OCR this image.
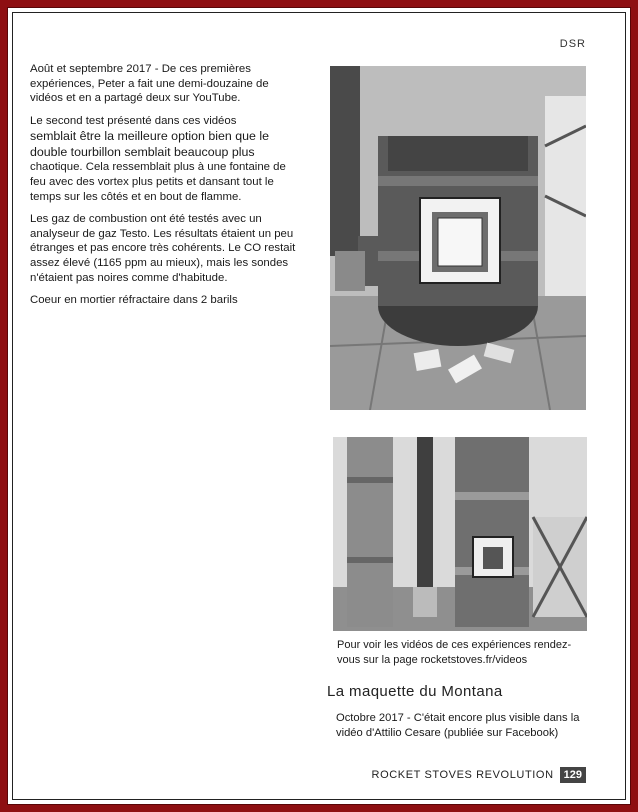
DSR

Août et septembre 2017 - De ces premières expériences, Peter a fait une demi-douzaine de vidéos et en a partagé deux sur YouTube.

Le second test présenté dans ces vidéos

semblait être la meilleure option bien que le double tourbillon semblait beaucoup plus

chaotique. Cela ressemblait plus à une fontaine de feu avec des vortex plus petits et dansant tout le temps sur les côtés et en bout de flamme.

Les gaz de combustion ont été testés avec un analyseur de gaz Testo. Les résultats étaient un peu étranges et pas encore très cohérents. Le CO restait assez élevé (1165 ppm au mieux), mais les sondes n'étaient pas noires comme d'habitude.

Coeur en mortier réfractaire dans 2 barils

Pour voir les vidéos de ces expériences rendez-vous sur la page rocketstoves.fr/videos
La maquette du Montana
Octobre 2017 - C'était encore plus visible dans la vidéo d'Attilio Cesare (publiée sur Facebook)
ROCKET STOVES REVOLUTION 129
